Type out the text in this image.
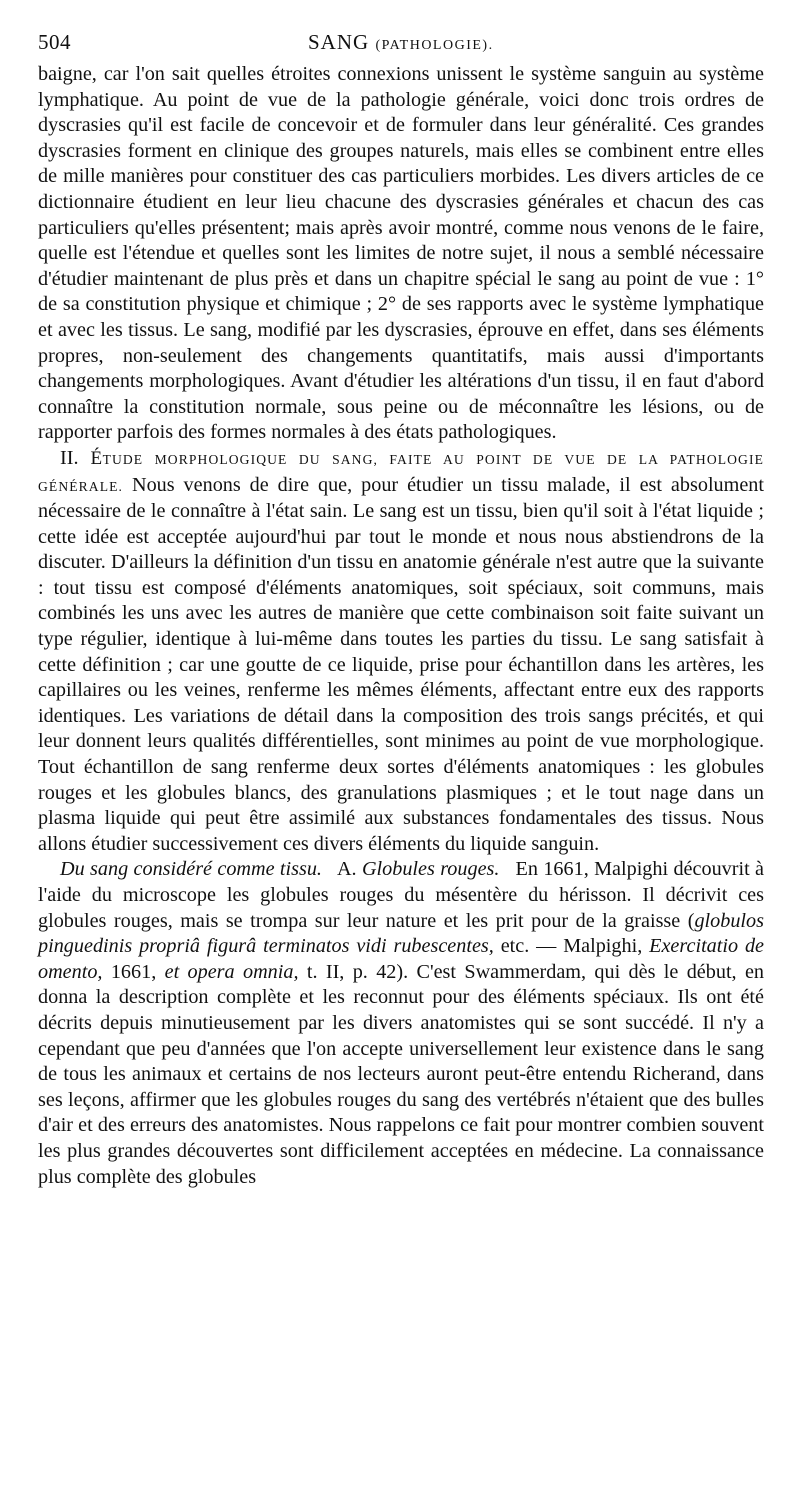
504	SANG (PATHOLOGIE).

baigne, car l'on sait quelles étroites connexions unissent le système sanguin au système lymphatique. Au point de vue de la pathologie générale, voici donc trois ordres de dyscrasies qu'il est facile de concevoir et de formuler dans leur généralité. Ces grandes dyscrasies forment en clinique des groupes naturels, mais elles se combinent entre elles de mille manières pour constituer des cas particuliers morbides. Les divers articles de ce dictionnaire étudient en leur lieu chacune des dyscrasies générales et chacun des cas particuliers qu'elles présentent; mais après avoir montré, comme nous venons de le faire, quelle est l'étendue et quelles sont les limites de notre sujet, il nous a semblé nécessaire d'étudier maintenant de plus près et dans un chapitre spécial le sang au point de vue : 1° de sa constitution physique et chimique ; 2° de ses rapports avec le système lymphatique et avec les tissus. Le sang, modifié par les dyscrasies, éprouve en effet, dans ses éléments propres, non-seulement des changements quantitatifs, mais aussi d'importants changements morphologiques. Avant d'étudier les altérations d'un tissu, il en faut d'abord connaître la constitution normale, sous peine ou de méconnaître les lésions, ou de rapporter parfois des formes normales à des états pathologiques.

II. ÉTUDE MORPHOLOGIQUE DU SANG, FAITE AU POINT DE VUE DE LA PATHOLOGIE GÉNÉRALE. Nous venons de dire que, pour étudier un tissu malade, il est absolument nécessaire de le connaître à l'état sain. Le sang est un tissu, bien qu'il soit à l'état liquide ; cette idée est acceptée aujourd'hui par tout le monde et nous nous abstiendrons de la discuter. D'ailleurs la définition d'un tissu en anatomie générale n'est autre que la suivante : tout tissu est composé d'éléments anatomiques, soit spéciaux, soit communs, mais combinés les uns avec les autres de manière que cette combinaison soit faite suivant un type régulier, identique à lui-même dans toutes les parties du tissu. Le sang satisfait à cette définition ; car une goutte de ce liquide, prise pour échantillon dans les artères, les capillaires ou les veines, renferme les mêmes éléments, affectant entre eux des rapports identiques. Les variations de détail dans la composition des trois sangs précités, et qui leur donnent leurs qualités différentielles, sont minimes au point de vue morphologique. Tout échantillon de sang renferme deux sortes d'éléments anatomiques : les globules rouges et les globules blancs, des granulations plasmiques ; et le tout nage dans un plasma liquide qui peut être assimilé aux substances fondamentales des tissus. Nous allons étudier successivement ces divers éléments du liquide sanguin.

Du sang considéré comme tissu. A. Globules rouges. En 1661, Malpighi découvrit à l'aide du microscope les globules rouges du mésentère du hérisson. Il décrivit ces globules rouges, mais se trompa sur leur nature et les prit pour de la graisse (globulos pinguedinis propriâ figurâ terminatos vidi rubescentes, etc. — Malpighi, Exercitatio de omento, 1661, et opera omnia, t. II, p. 42). C'est Swammerdam, qui dès le début, en donna la description complète et les reconnut pour des éléments spéciaux. Ils ont été décrits depuis minutieusement par les divers anatomistes qui se sont succédé. Il n'y a cependant que peu d'années que l'on accepte universellement leur existence dans le sang de tous les animaux et certains de nos lecteurs auront peut-être entendu Richerand, dans ses leçons, affirmer que les globules rouges du sang des vertébrés n'étaient que des bulles d'air et des erreurs des anatomistes. Nous rappelons ce fait pour montrer combien souvent les plus grandes découvertes sont difficilement acceptées en médecine. La connaissance plus complète des globules
